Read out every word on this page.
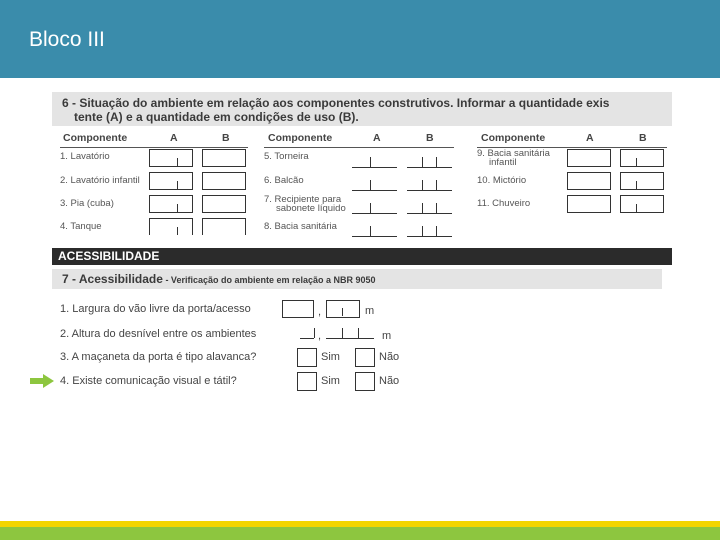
Bloco III
6 - Situação do ambiente em relação aos componentes construtivos. Informar a quantidade exis
tente (A) e a quantidade em condições de uso (B).
Componente	A	B	Componente	A	B	Componente	A	B
1. Lavatório
2. Lavatório infantil
3. Pia (cuba)
4. Tanque
5. Torneira
6. Balcão
7. Recipiente para
sabonete líquido
8. Bacia sanitária
9. Bacia sanitária
infantil
10. Mictório
11. Chuveiro
ACESSIBILIDADE
7 - Acessibilidade - Verificação do ambiente em relação a NBR 9050
1. Largura do vão livre da porta/acesso	,	m
2. Altura do desnível entre os ambientes	,	m
3. A maçaneta da porta é tipo alavanca?	Sim	Não
4. Existe comunicação visual e tátil?	Sim	Não
